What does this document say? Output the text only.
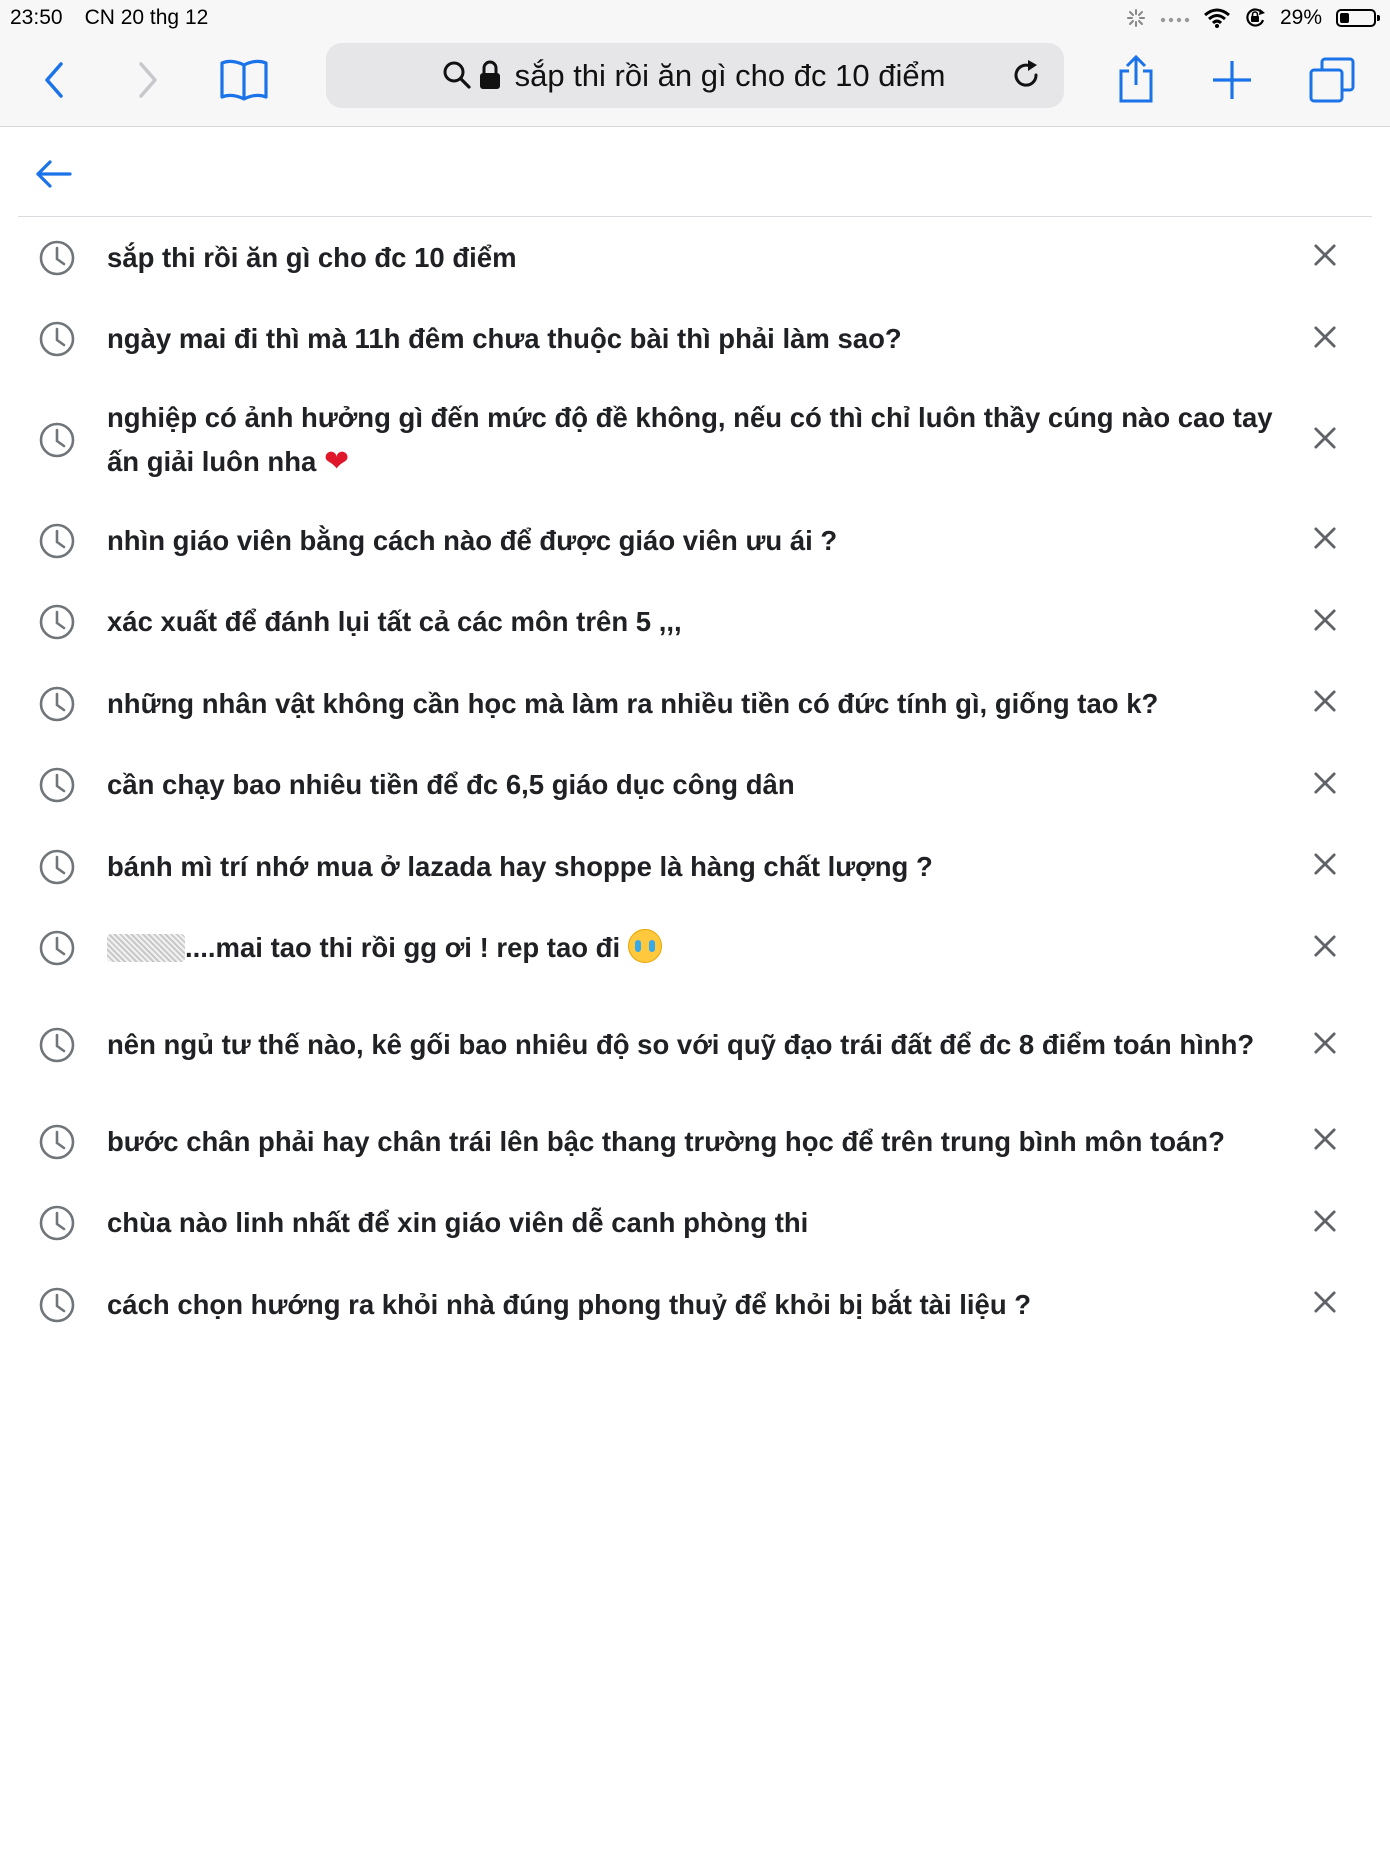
23:50 CN 20 thg 12	29%
sắp thi rồi ăn gì cho đc 10 điểm
sắp thi rồi ăn gì cho đc 10 điểm
ngày mai đi thì mà 11h đêm chưa thuộc bài thì phải làm sao?
nghiệp có ảnh hưởng gì đến mức độ đề không, nếu có thì chỉ luôn thầy cúng nào cao tay ấn giải luôn nha ❤
nhìn giáo viên bằng cách nào để được giáo viên ưu ái ?
xác xuất để đánh lụi tất cả các môn trên 5 ,,,
những nhân vật không cần học mà làm ra nhiều tiền có đức tính gì, giống tao k?
cần chạy bao nhiêu tiền để đc 6,5 giáo dục công dân
bánh mì trí nhớ mua ở lazada hay shoppe là hàng chất lượng ?
....mai tao thi rồi gg ơi ! rep tao đi
nên ngủ tư thế nào, kê gối bao nhiêu độ so với quỹ đạo trái đất để đc 8 điểm toán hình?
bước chân phải hay chân trái lên bậc thang trường học để trên trung bình môn toán?
chùa nào linh nhất để xin giáo viên dễ canh phòng thi
cách chọn hướng ra khỏi nhà đúng phong thuỷ để khỏi bị bắt tài liệu ?
